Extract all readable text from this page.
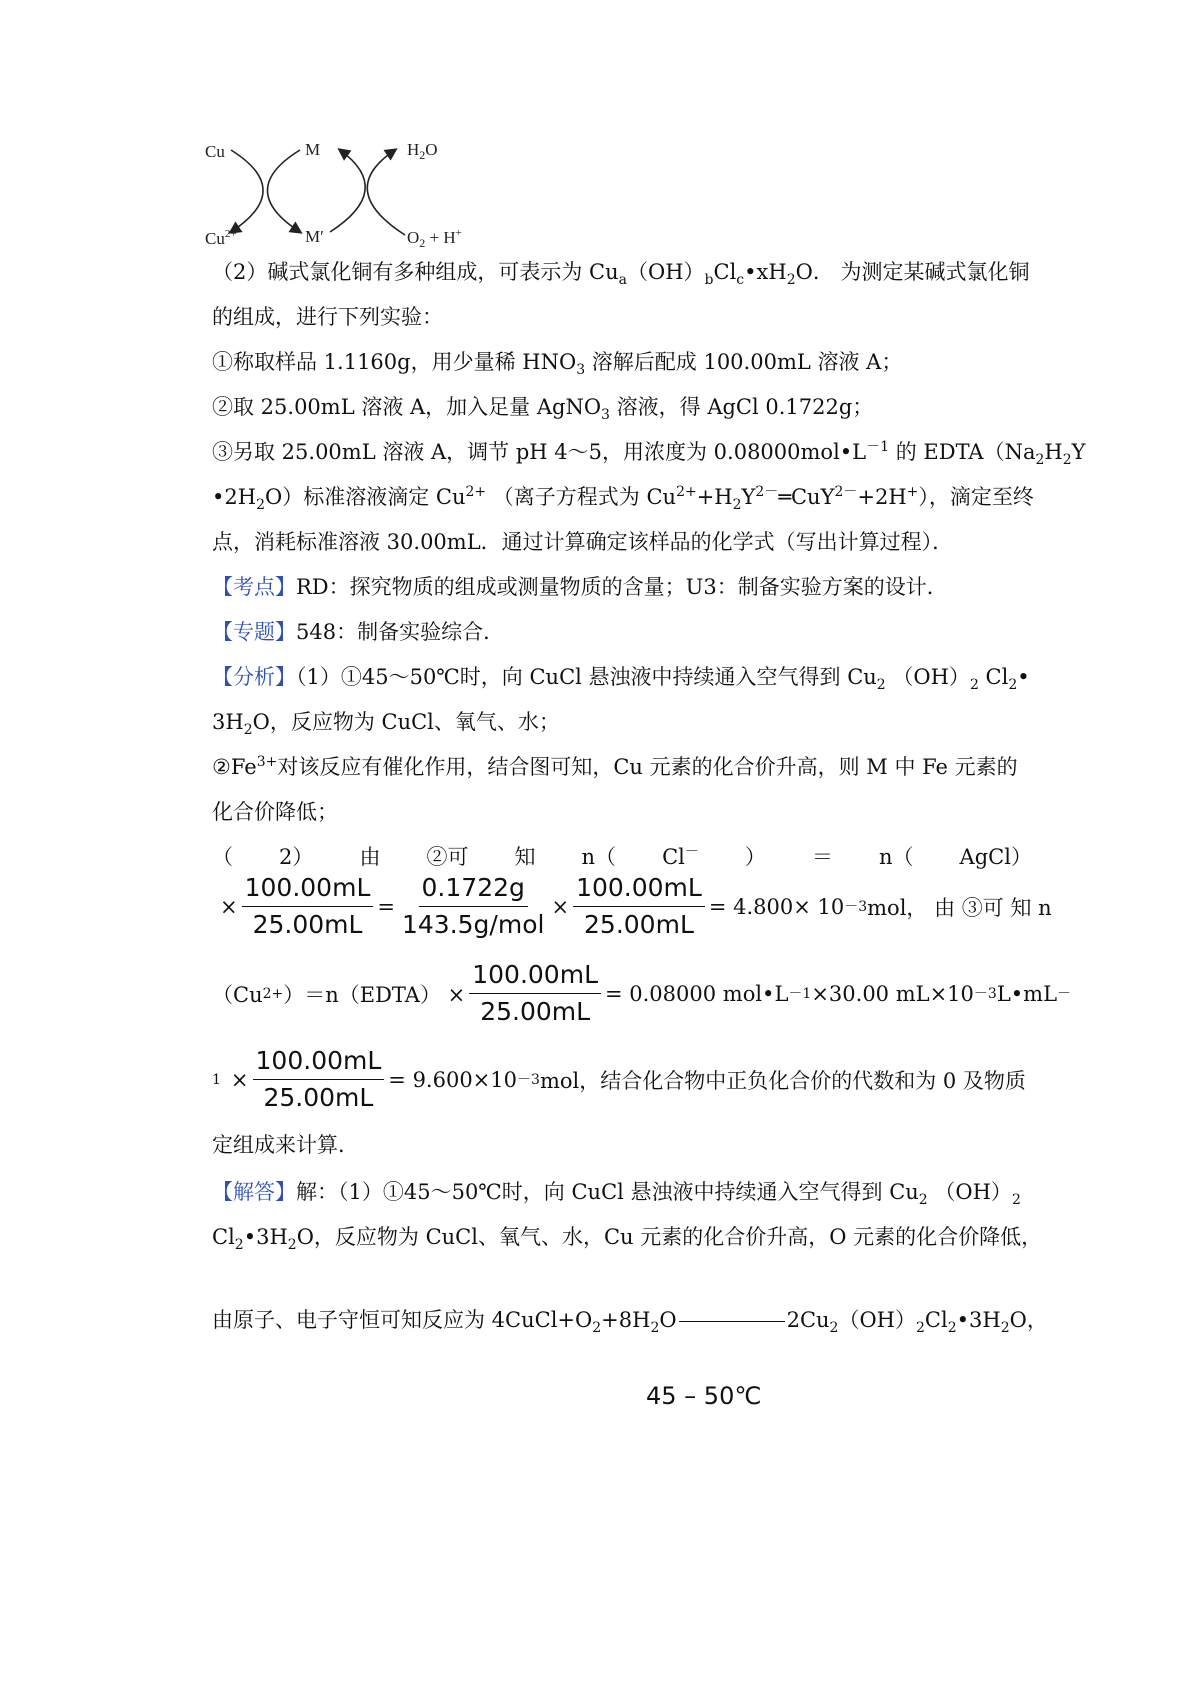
Cu
$Cu^{2+}$
M
M′
$H_2O$
$O_2 + H^+$
（2）碱式氯化铜有多种组成，可表示为 $Cu_a(OH)_bCl_c•xH_2O$． 为测定某碱式氯化铜
的组成，进行下列实验：
①称取样品 1.1160g，用少量稀 $HNO_3$ 溶解后配成 100.00mL 溶液 A；
②取 25.00mL 溶液 A，加入足量 AgNO$_3$ 溶液，得 AgCl 0.1722g；
③另取 25.00mL 溶液 A，调节 pH 4～5，用浓度为 $0.08000mol•L^{-1}$ 的 $EDTA(Na_2H_2Y$
$•2H_2O$）标准溶液滴定 $Cu^{2+}$ （离子方程式为 $Cu^{2+}+H_2Y^{2-}═CuY^{2-}+2H^+$），滴定至终
点，消耗标准溶液 30.00mL．通过计算确定该样品的化学式（写出计算过程）．
【考点】RD：探究物质的组成或测量物质的含量；U3：制备实验方案的设计．
【专题】548：制备实验综合．
【分析】（1）①45～50℃时，向 CuCl 悬浊液中持续通入空气得到 $Cu_2$ $(OH)_2$ $Cl_2•$
$3H_2O$，反应物为 CuCl、氧气、水；
$②Fe^{3+}$对该反应有催化作用，结合图可知，Cu 元素的化合价升高，则 M 中 Fe 元素的
化合价降低；
（ 2） 由 ②可 知 n（ Cl－ ） ＝ n（ AgCl）
× $\frac{100.00mL}{25.00mL} = \frac{0.1722g}{\text{143.5g/mol}} \times \frac{100.00mL}{25.00mL} = 4.800\times 10 -3$ mol， 由 ③可 知 n
（Cu 2+ ）＝n（EDTA） × $\frac{100.00mL}{25.00mL} = 0.08000$ mol•L －1 ×30.00 mL×10 －3 L•mL －
$1 \times \frac{100.00mL}{25.00mL} = 9.600\times 10 -3$ mol，结合化合物中正负化合价的代数和为 0 及物质
定组成来计算．
【解答】解：（1）①45～50℃时，向 CuCl 悬浊液中持续通入空气得到 $Cu_2$ $(OH)_2$
$Cl_2•3H_2O$，反应物为 CuCl、氧气、水，Cu 元素的化合价升高，O 元素的化合价降低，
45 – 50℃
由原子、电子守恒可知反应为 $4CuCl+O_2+8H_2O$	$2Cu_2(OH)_2Cl_2•3H_2O$，
